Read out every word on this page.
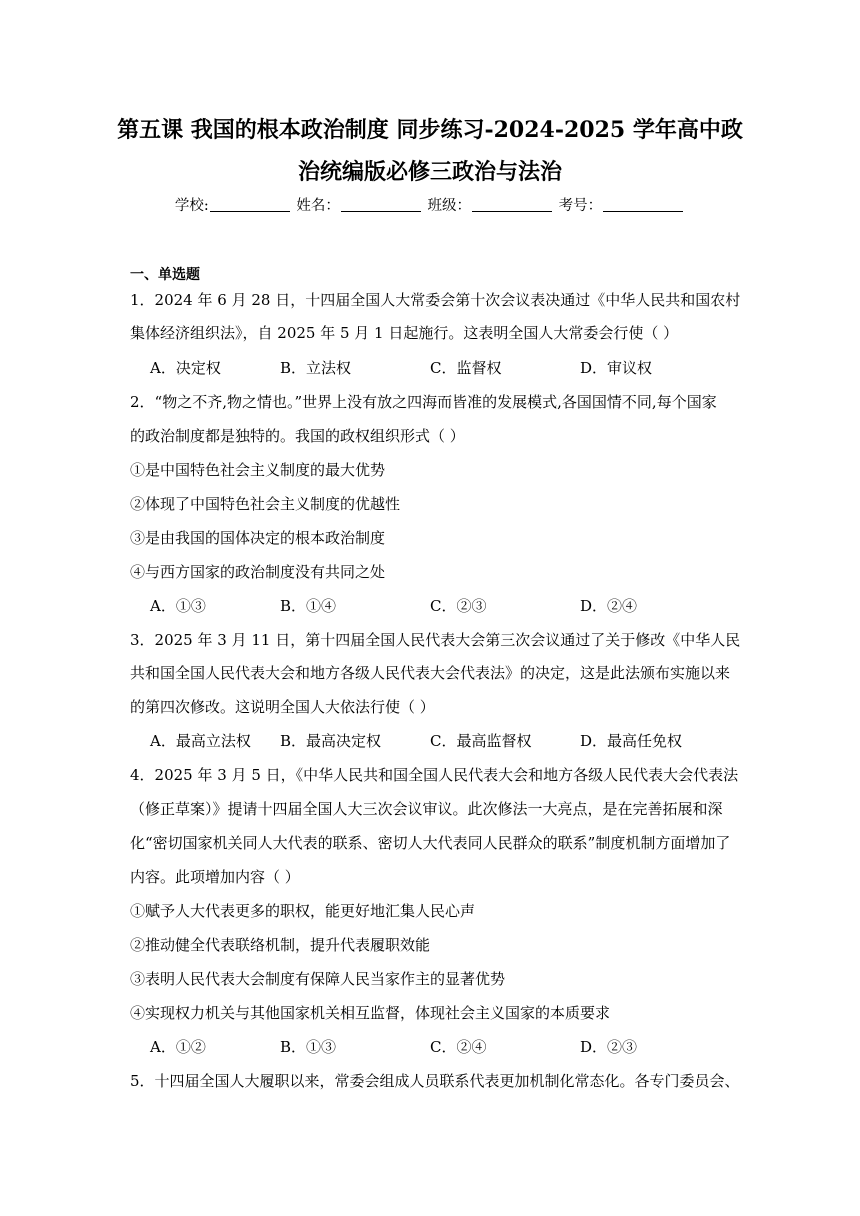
第五课 我国的根本政治制度 同步练习-2024-2025 学年高中政
治统编版必修三政治与法治
学校:	姓名：	班级：	考号：
一、单选题
1．2024 年 6 月 28 日，十四届全国人大常委会第十次会议表决通过《中华人民共和国农村
集体经济组织法》，自 2025 年 5 月 1 日起施行。这表明全国人大常委会行使（ ）
A．决定权	B．立法权	C．监督权	D．审议权
2．“物之不齐,物之情也。”世界上没有放之四海而皆准的发展模式,各国国情不同,每个国家
的政治制度都是独特的。我国的政权组织形式（ ）
①是中国特色社会主义制度的最大优势
②体现了中国特色社会主义制度的优越性
③是由我国的国体决定的根本政治制度
④与西方国家的政治制度没有共同之处
A．①③	B．①④	C．②③	D．②④
3．2025 年 3 月 11 日，第十四届全国人民代表大会第三次会议通过了关于修改《中华人民
共和国全国人民代表大会和地方各级人民代表大会代表法》的决定，这是此法颁布实施以来
的第四次修改。这说明全国人大依法行使（ ）
A．最高立法权 B．最高决定权	C．最高监督权	D．最高任免权
4．2025 年 3 月 5 日，《中华人民共和国全国人民代表大会和地方各级人民代表大会代表法
（修正草案）》提请十四届全国人大三次会议审议。此次修法一大亮点，是在完善拓展和深
化“密切国家机关同人大代表的联系、密切人大代表同人民群众的联系”制度机制方面增加了
内容。此项增加内容（ ）
①赋予人大代表更多的职权，能更好地汇集人民心声
②推动健全代表联络机制，提升代表履职效能
③表明人民代表大会制度有保障人民当家作主的显著优势
④实现权力机关与其他国家机关相互监督，体现社会主义国家的本质要求
A．①②	B．①③	C．②④	D．②③
5．十四届全国人大履职以来，常委会组成人员联系代表更加机制化常态化。各专门委员会、
